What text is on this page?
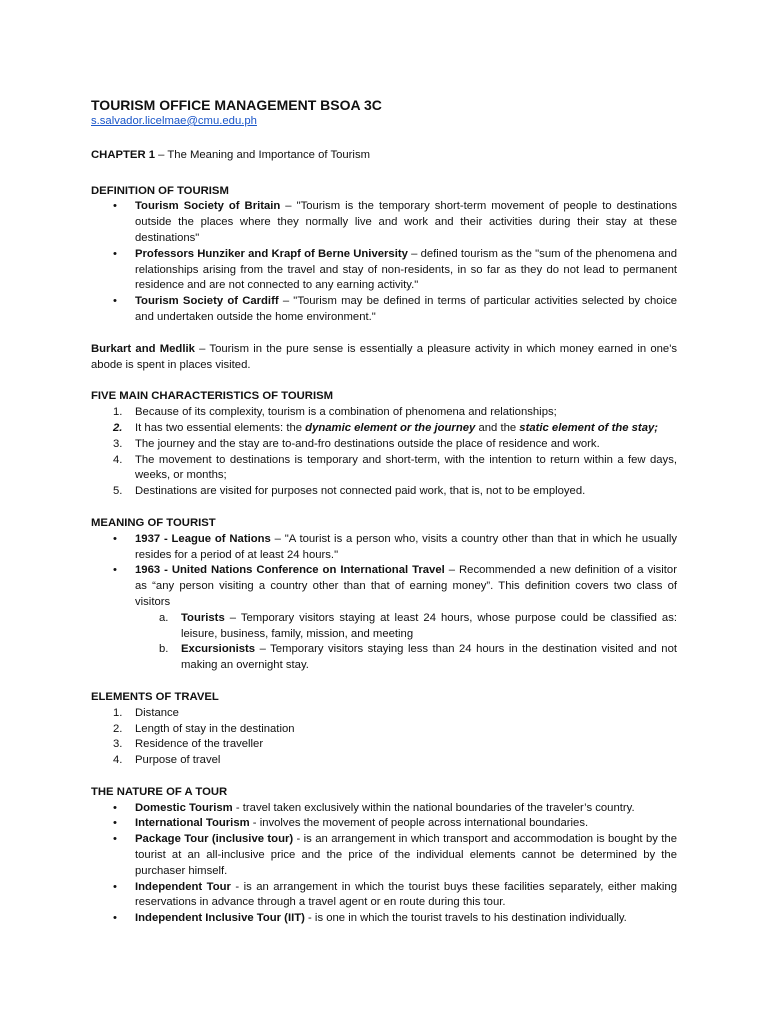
TOURISM OFFICE MANAGEMENT BSOA 3C
s.salvador.licelmae@cmu.edu.ph
CHAPTER 1 – The Meaning and Importance of Tourism
DEFINITION OF TOURISM
• Tourism Society of Britain – "Tourism is the temporary short-term movement of people to destinations outside the places where they normally live and work and their activities during their stay at these destinations"
• Professors Hunziker and Krapf of Berne University – defined tourism as the "sum of the phenomena and relationships arising from the travel and stay of non-residents, in so far as they do not lead to permanent residence and are not connected to any earning activity."
• Tourism Society of Cardiff – "Tourism may be defined in terms of particular activities selected by choice and undertaken outside the home environment."

Burkart and Medlik – Tourism in the pure sense is essentially a pleasure activity in which money earned in one's abode is spent in places visited.

FIVE MAIN CHARACTERISTICS OF TOURISM
1. Because of its complexity, tourism is a combination of phenomena and relationships;
2. It has two essential elements: the dynamic element or the journey and the static element of the stay;
3. The journey and the stay are to-and-fro destinations outside the place of residence and work.
4. The movement to destinations is temporary and short-term, with the intention to return within a few days, weeks, or months;
5. Destinations are visited for purposes not connected paid work, that is, not to be employed.
MEANING OF TOURIST
• 1937 - League of Nations – "A tourist is a person who, visits a country other than that in which he usually resides for a period of at least 24 hours."
• 1963 - United Nations Conference on International Travel – Recommended a new definition of a visitor as “any person visiting a country other than that of earning money”. This definition covers two class of visitors
a. Tourists – Temporary visitors staying at least 24 hours, whose purpose could be classified as: leisure, business, family, mission, and meeting
b. Excursionists – Temporary visitors staying less than 24 hours in the destination visited and not making an overnight stay.
ELEMENTS OF TRAVEL
1. Distance
2. Length of stay in the destination
3. Residence of the traveller
4. Purpose of travel
THE NATURE OF A TOUR
• Domestic Tourism - travel taken exclusively within the national boundaries of the traveler’s country.
• International Tourism - involves the movement of people across international boundaries.
• Package Tour (inclusive tour) - is an arrangement in which transport and accommodation is bought by the tourist at an all-inclusive price and the price of the individual elements cannot be determined by the purchaser himself.
• Independent Tour - is an arrangement in which the tourist buys these facilities separately, either making reservations in advance through a travel agent or en route during this tour.
• Independent Inclusive Tour (IIT) - is one in which the tourist travels to his destination individually.
